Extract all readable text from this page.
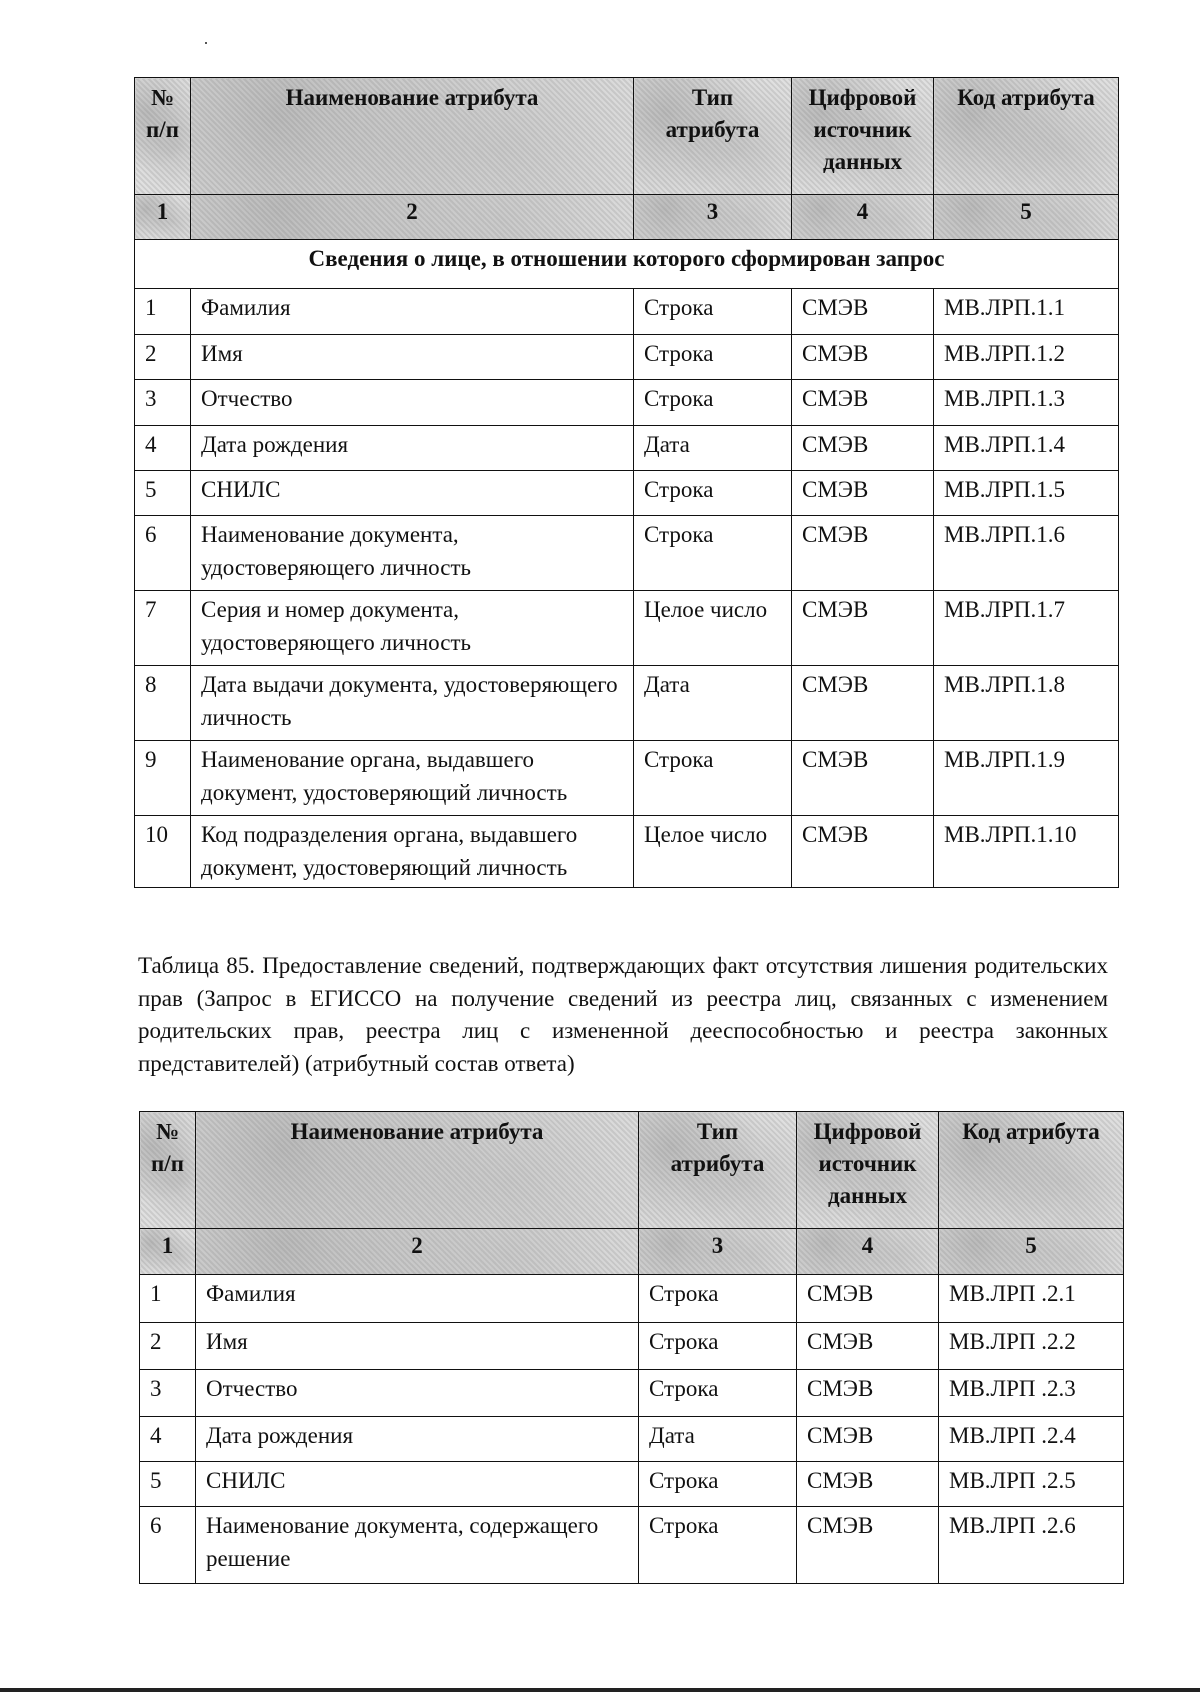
№ п/п	Наименование атрибута	Тип атрибута	Цифровой источник данных	Код атрибута
1	2	3	4	5
Сведения о лице, в отношении которого сформирован запрос				
1	Фамилия	Строка	СМЭВ	МВ.ЛРП.1.1
2	Имя	Строка	СМЭВ	МВ.ЛРП.1.2
3	Отчество	Строка	СМЭВ	МВ.ЛРП.1.3
4	Дата рождения	Дата	СМЭВ	МВ.ЛРП.1.4
5	СНИЛС	Строка	СМЭВ	МВ.ЛРП.1.5
6	Наименование документа, удостоверяющего личность	Строка	СМЭВ	МВ.ЛРП.1.6
7	Серия и номер документа, удостоверяющего личность	Целое число	СМЭВ	МВ.ЛРП.1.7
8	Дата выдачи документа, удостоверяющего личность	Дата	СМЭВ	МВ.ЛРП.1.8
9	Наименование органа, выдавшего документ, удостоверяющий личность	Строка	СМЭВ	МВ.ЛРП.1.9
10	Код подразделения органа, выдавшего документ, удостоверяющий личность	Целое число	СМЭВ	МВ.ЛРП.1.10
Таблица 85. Предоставление сведений, подтверждающих факт отсутствия лишения родительских прав (Запрос в ЕГИССО на получение сведений из реестра лиц, связанных с изменением родительских прав, реестра лиц с измененной дееспособностью и реестра законных представителей) (атрибутный состав ответа)
№ п/п	Наименование атрибута	Тип атрибута	Цифровой источник данных	Код атрибута
1	2	3	4	5
1	Фамилия	Строка	СМЭВ	МВ.ЛРП .2.1
2	Имя	Строка	СМЭВ	МВ.ЛРП .2.2
3	Отчество	Строка	СМЭВ	МВ.ЛРП .2.3
4	Дата рождения	Дата	СМЭВ	МВ.ЛРП .2.4
5	СНИЛС	Строка	СМЭВ	МВ.ЛРП .2.5
6	Наименование документа, содержащего решение	Строка	СМЭВ	МВ.ЛРП .2.6
